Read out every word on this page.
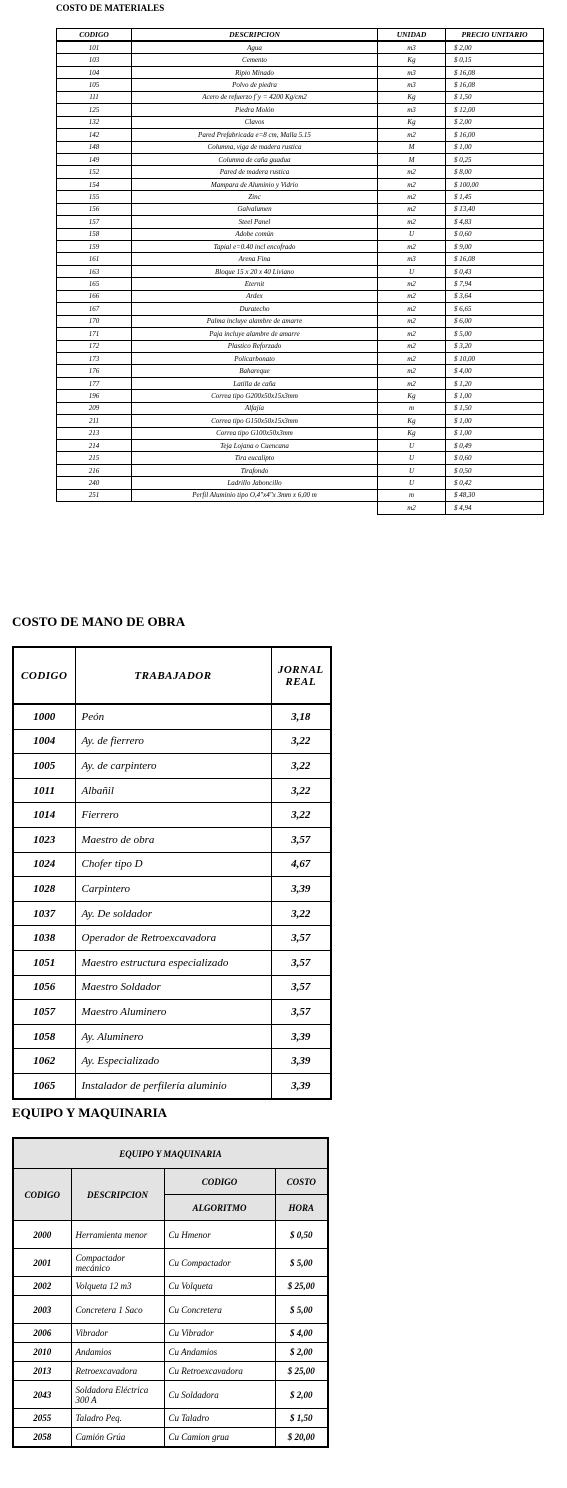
COSTO DE MATERIALES
CODIGO	DESCRIPCION	UNIDAD	PRECIO UNITARIO
101	Agua	m3	$ 2,00
103	Cemento	Kg	$ 0,15
104	Ripio Minado	m3	$ 16,08
105	Polvo de piedra	m3	$ 16,08
111	Acero de refuerzo f´y = 4200 Kg/cm2	Kg	$ 1,50
125	Piedra Molón	m3	$ 12,00
132	Clavos	Kg	$ 2,00
142	Pared Prefabricada e=8 cm, Malla 5.15	m2	$ 16,00
148	Columna, viga de madera rustica	M	$ 1,00
149	Columna de caña guadua	M	$ 0,25
152	Pared de madera rustica	m2	$ 8,00
154	Mampara de Aluminio y Vidrio	m2	$ 100,00
155	Zinc	m2	$ 1,45
156	Galvalumen	m2	$ 13,40
157	Steel Panel	m2	$ 4,83
158	Adobe común	U	$ 0,60
159	Tapial e=0.40 incl encofrado	m2	$ 9,00
161	Arena Fina	m3	$ 16,08
163	Bloque 15 x 20 x 40 Liviano	U	$ 0,43
165	Eternit	m2	$ 7,94
166	Ardex	m2	$ 3,64
167	Duratecho	m2	$ 6,65
170	Palma incluye alambre de amarre	m2	$ 6,00
171	Paja incluye alambre de amarre	m2	$ 5,00
172	Plastico Reforzado	m2	$ 3,20
173	Policarbonato	m2	$ 10,00
176	Bahareque	m2	$ 4,00
177	Latilla de caña	m2	$ 1,20
196	Correa tipo G200x50x15x3mm	Kg	$ 1,00
209	Alfajía	m	$ 1,50
211	Correa tipo G150x50x15x3mm	Kg	$ 1,00
213	Correa tipo G100x50x3mm	Kg	$ 1,00
214	Teja Lojana o Cuencana	U	$ 0,49
215	Tira eucalipto	U	$ 0,60
216	Tirafondo	U	$ 0,50
240	Ladrillo Jaboncillo	U	$ 0,42
251	Perfil Aluminio tipo O,4"x4"x 3mm x 6,00 m	m	$ 48,30
		m2	$ 4,94
COSTO DE MANO DE OBRA
CODIGO	TRABAJADOR	JORNAL
REAL
1000	Peón	3,18
1004	Ay. de fierrero	3,22
1005	Ay. de carpintero	3,22
1011	Albañil	3,22
1014	Fierrero	3,22
1023	Maestro de obra	3,57
1024	Chofer tipo D	4,67
1028	Carpintero	3,39
1037	Ay. De soldador	3,22
1038	Operador de Retroexcavadora	3,57
1051	Maestro estructura especializado	3,57
1056	Maestro Soldador	3,57
1057	Maestro Aluminero	3,57
1058	Ay. Aluminero	3,39
1062	Ay. Especializado	3,39
1065	Instalador de perfilería aluminio	3,39
EQUIPO Y MAQUINARIA
EQUIPO Y MAQUINARIA			
CODIGO	DESCRIPCION	CODIGO	COSTO
		ALGORITMO	HORA
2000	Herramienta menor	Cu Hmenor	$ 0,50
2001	Compactador mecánico	Cu Compactador	$ 5,00
2002	Volqueta 12 m3	Cu Volqueta	$ 25,00
2003	Concretera 1 Saco	Cu Concretera	$ 5,00
2006	Vibrador	Cu Vibrador	$ 4,00
2010	Andamios	Cu Andamios	$ 2,00
2013	Retroexcavadora	Cu Retroexcavadora	$ 25,00
2043	Soldadora Eléctrica 300 A	Cu Soldadora	$ 2,00
2055	Taladro Peq.	Cu Taladro	$ 1,50
2058	Camión Grúa	Cu Camion grua	$ 20,00
